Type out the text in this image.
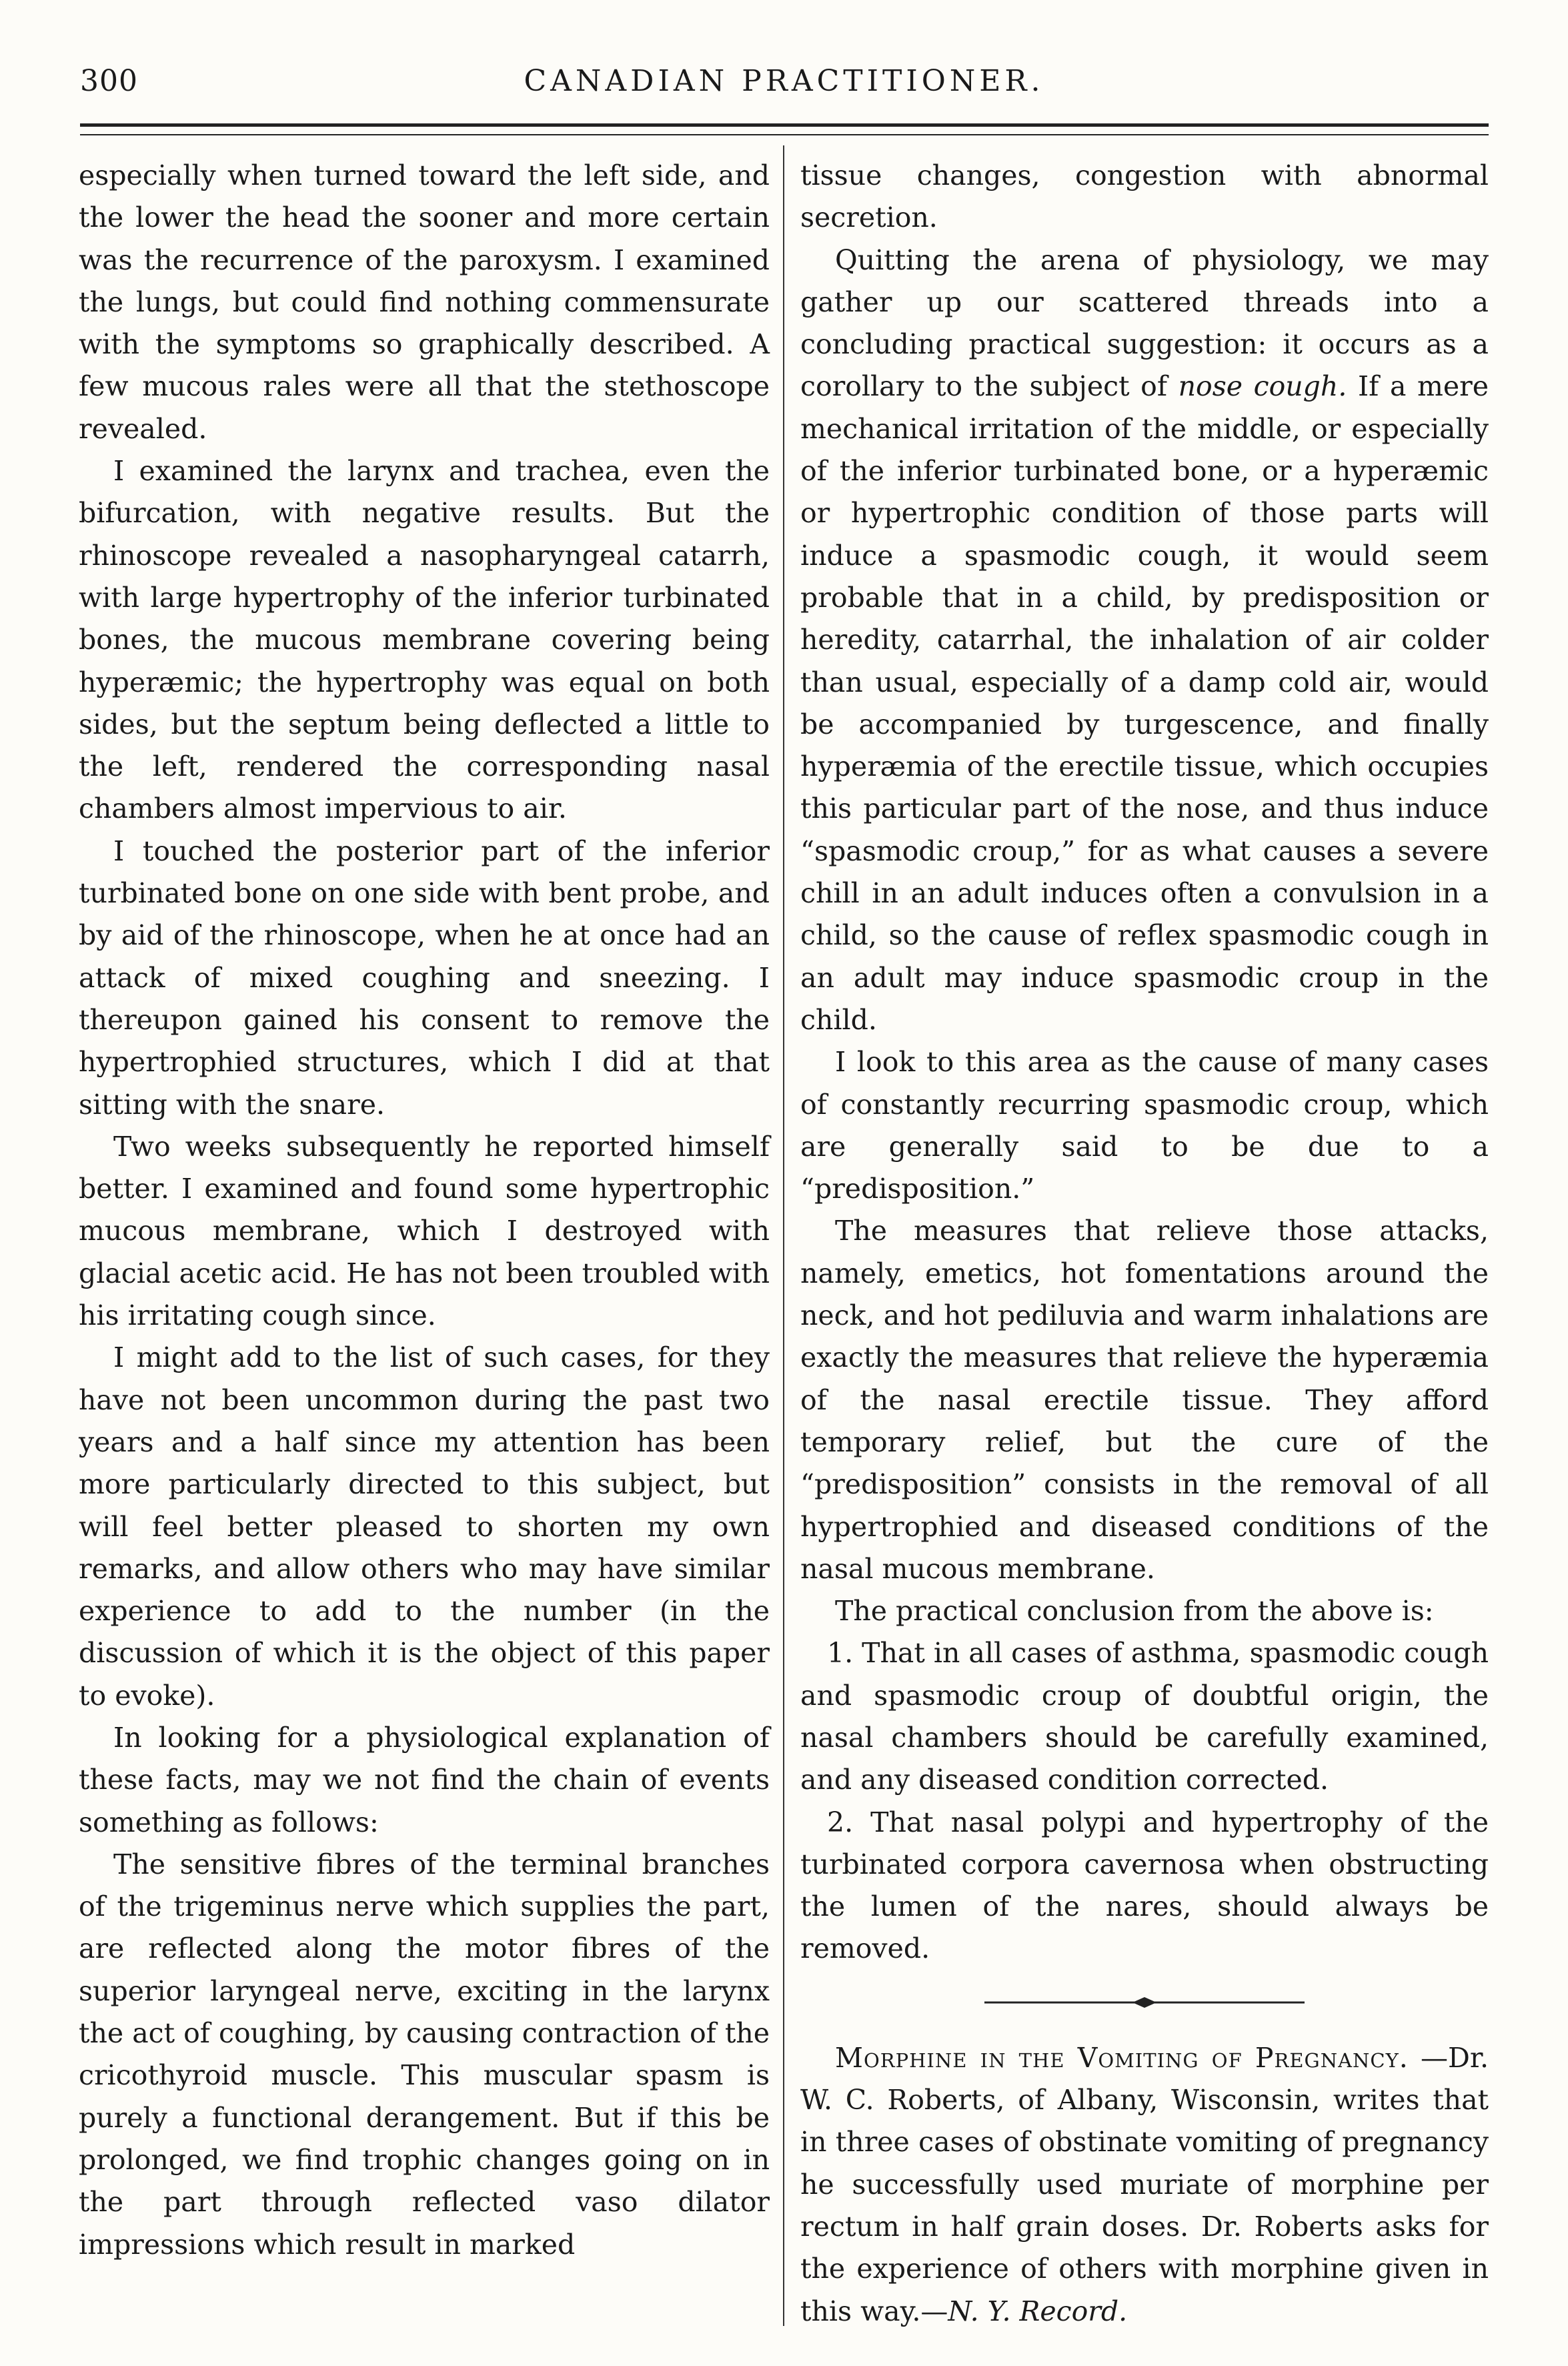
300	CANADIAN PRACTITIONER.

especially when turned toward the left side, and the lower the head the sooner and more certain was the recurrence of the paroxysm. I examined the lungs, but could find nothing commensurate with the symptoms so graphically described. A few mucous rales were all that the stethoscope revealed.

I examined the larynx and trachea, even the bifurcation, with negative results. But the rhinoscope revealed a nasopharyngeal catarrh, with large hypertrophy of the inferior turbinated bones, the mucous membrane covering being hyperæmic; the hypertrophy was equal on both sides, but the septum being deflected a little to the left, rendered the corresponding nasal chambers almost impervious to air.

I touched the posterior part of the inferior turbinated bone on one side with bent probe, and by aid of the rhinoscope, when he at once had an attack of mixed coughing and sneezing. I thereupon gained his consent to remove the hypertrophied structures, which I did at that sitting with the snare.

Two weeks subsequently he reported himself better. I examined and found some hypertrophic mucous membrane, which I destroyed with glacial acetic acid. He has not been troubled with his irritating cough since.

I might add to the list of such cases, for they have not been uncommon during the past two years and a half since my attention has been more particularly directed to this subject, but will feel better pleased to shorten my own remarks, and allow others who may have similar experience to add to the number (in the discussion of which it is the object of this paper to evoke).

In looking for a physiological explanation of these facts, may we not find the chain of events something as follows:

The sensitive fibres of the terminal branches of the trigeminus nerve which supplies the part, are reflected along the motor fibres of the superior laryngeal nerve, exciting in the larynx the act of coughing, by causing contraction of the cricothyroid muscle. This muscular spasm is purely a functional derangement. But if this be prolonged, we find trophic changes going on in the part through reflected vaso dilator impressions which result in marked

tissue changes, congestion with abnormal secretion.

Quitting the arena of physiology, we may gather up our scattered threads into a concluding practical suggestion: it occurs as a corollary to the subject of nose cough. If a mere mechanical irritation of the middle, or especially of the inferior turbinated bone, or a hyperæmic or hypertrophic condition of those parts will induce a spasmodic cough, it would seem probable that in a child, by predisposition or heredity, catarrhal, the inhalation of air colder than usual, especially of a damp cold air, would be accompanied by turgescence, and finally hyperæmia of the erectile tissue, which occupies this particular part of the nose, and thus induce “spasmodic croup,” for as what causes a severe chill in an adult induces often a convulsion in a child, so the cause of reflex spasmodic cough in an adult may induce spasmodic croup in the child.

I look to this area as the cause of many cases of constantly recurring spasmodic croup, which are generally said to be due to a “predisposition.”

The measures that relieve those attacks, namely, emetics, hot fomentations around the neck, and hot pediluvia and warm inhalations are exactly the measures that relieve the hyperæmia of the nasal erectile tissue. They afford temporary relief, but the cure of the “predisposition” consists in the removal of all hypertrophied and diseased conditions of the nasal mucous membrane.

The practical conclusion from the above is:

1. That in all cases of asthma, spasmodic cough and spasmodic croup of doubtful origin, the nasal chambers should be carefully examined, and any diseased condition corrected.

2. That nasal polypi and hypertrophy of the turbinated corpora cavernosa when obstructing the lumen of the nares, should always be removed.

Morphine in the Vomiting of Pregnancy. —Dr. W. C. Roberts, of Albany, Wisconsin, writes that in three cases of obstinate vomiting of pregnancy he successfully used muriate of morphine per rectum in half grain doses. Dr. Roberts asks for the experience of others with morphine given in this way.—N. Y. Record.
